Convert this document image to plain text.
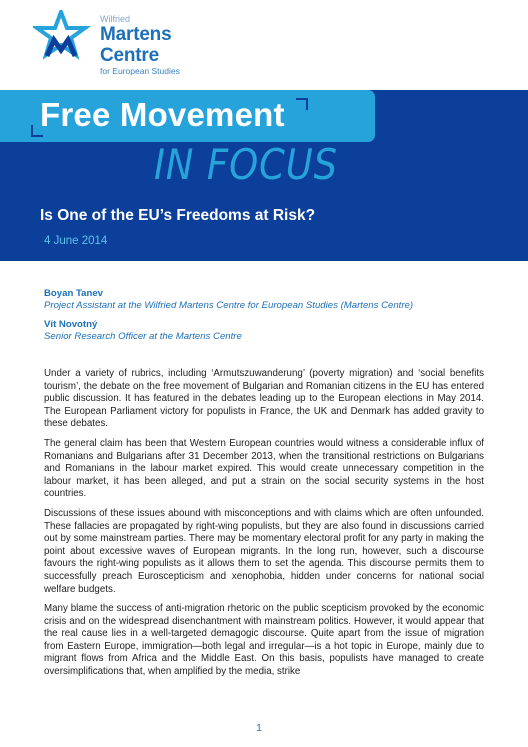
Wilfried
Martens Centre
for European Studies
Free Movement
IN FOCUS
Is One of the EU’s Freedoms at Risk?
4 June 2014
Boyan Tanev
Project Assistant at the Wilfried Martens Centre for European Studies (Martens Centre)
Vít Novotný
Senior Research Officer at the Martens Centre

Under a variety of rubrics, including ‘Armutszuwanderung’ (poverty migration) and ‘social benefits tourism’, the debate on the free movement of Bulgarian and Romanian citizens in the EU has entered public discussion. It has featured in the debates leading up to the European elections in May 2014. The European Parliament victory for populists in France, the UK and Denmark has added gravity to these debates.

The general claim has been that Western European countries would witness a considerable influx of Romanians and Bulgarians after 31 December 2013, when the transitional restrictions on Bulgarians and Romanians in the labour market expired. This would create unnecessary competition in the labour market, it has been alleged, and put a strain on the social security systems in the host countries.

Discussions of these issues abound with misconceptions and with claims which are often unfounded. These fallacies are propagated by right-wing populists, but they are also found in discussions carried out by some mainstream parties. There may be momentary electoral profit for any party in making the point about excessive waves of European migrants. In the long run, however, such a discourse favours the right-wing populists as it allows them to set the agenda. This discourse permits them to successfully preach Euroscepticism and xenophobia, hidden under concerns for national social welfare budgets.

Many blame the success of anti-migration rhetoric on the public scepticism provoked by the economic crisis and on the widespread disenchantment with mainstream politics. However, it would appear that the real cause lies in a well-targeted demagogic discourse. Quite apart from the issue of migration from Eastern Europe, immigration—both legal and irregular—is a hot topic in Europe, mainly due to migrant flows from Africa and the Middle East. On this basis, populists have managed to create oversimplifications that, when amplified by the media, strike

1
